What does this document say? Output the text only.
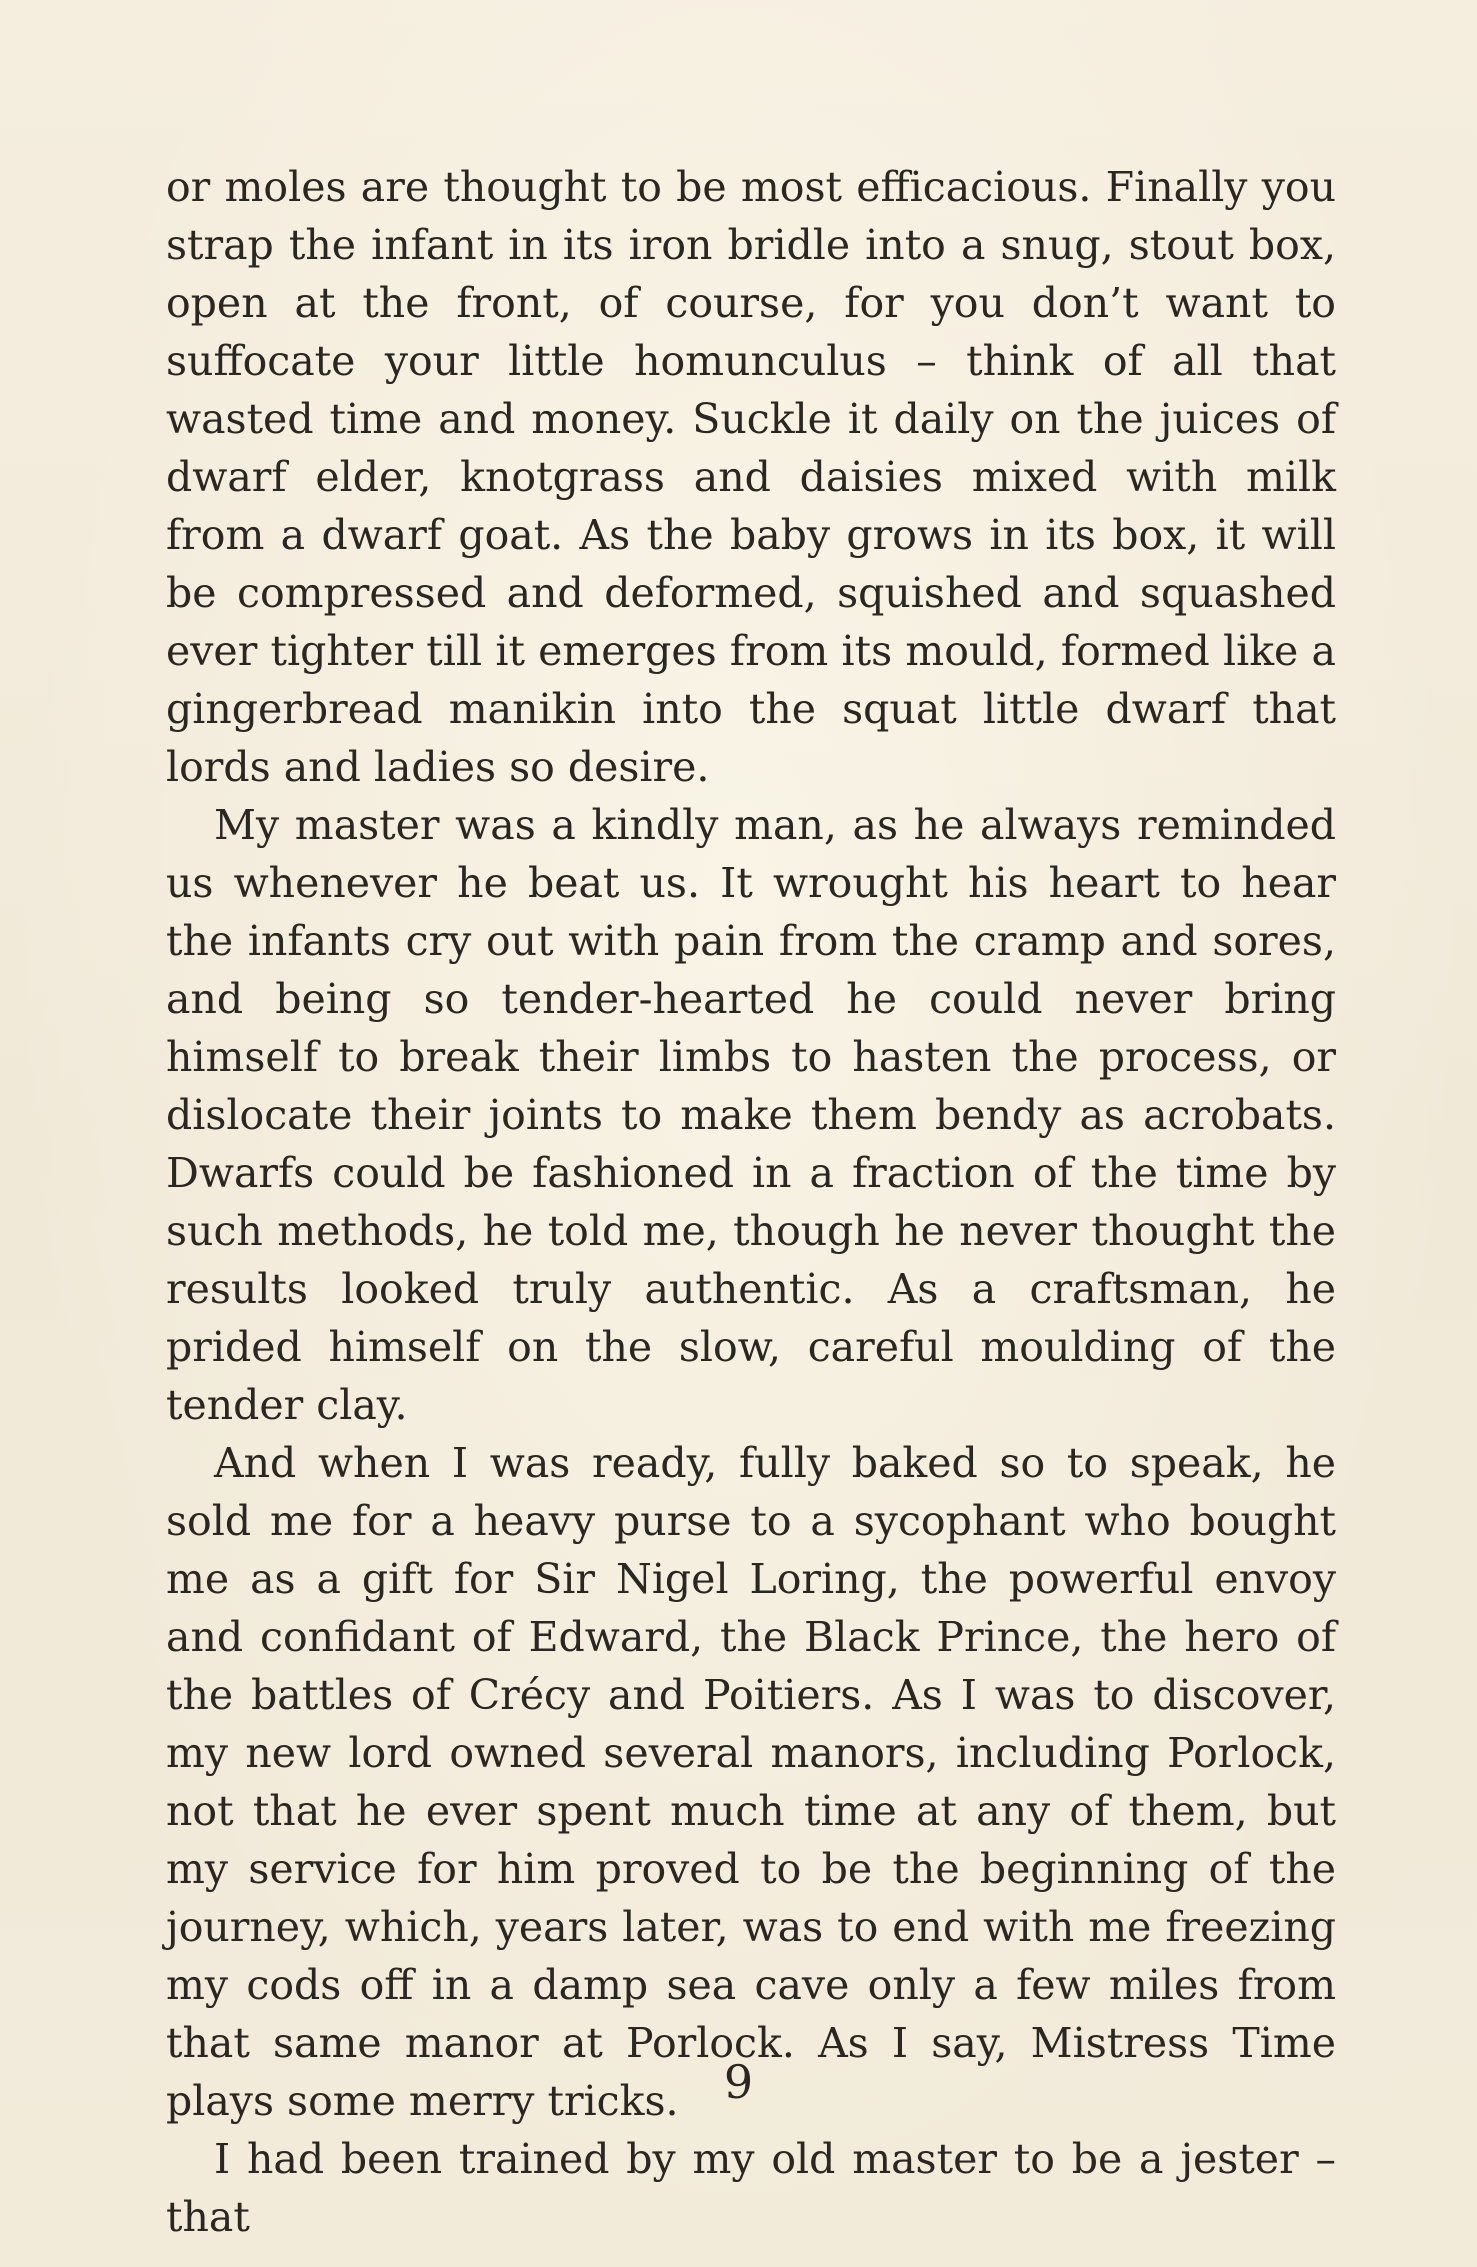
or moles are thought to be most efficacious. Finally you strap the infant in its iron bridle into a snug, stout box, open at the front, of course, for you don’t want to suffocate your little homunculus – think of all that wasted time and money. Suckle it daily on the juices of dwarf elder, knotgrass and daisies mixed with milk from a dwarf goat. As the baby grows in its box, it will be compressed and deformed, squished and squashed ever tighter till it emerges from its mould, formed like a gingerbread manikin into the squat little dwarf that lords and ladies so desire.

My master was a kindly man, as he always reminded us whenever he beat us. It wrought his heart to hear the infants cry out with pain from the cramp and sores, and being so tender-hearted he could never bring himself to break their limbs to hasten the process, or dislocate their joints to make them bendy as acrobats. Dwarfs could be fashioned in a fraction of the time by such methods, he told me, though he never thought the results looked truly authentic. As a craftsman, he prided himself on the slow, careful moulding of the tender clay.

And when I was ready, fully baked so to speak, he sold me for a heavy purse to a sycophant who bought me as a gift for Sir Nigel Loring, the powerful envoy and confidant of Edward, the Black Prince, the hero of the battles of Crécy and Poitiers. As I was to discover, my new lord owned several manors, including Porlock, not that he ever spent much time at any of them, but my service for him proved to be the beginning of the journey, which, years later, was to end with me freezing my cods off in a damp sea cave only a few miles from that same manor at Porlock. As I say, Mistress Time plays some merry tricks.

I had been trained by my old master to be a jester – that

9
